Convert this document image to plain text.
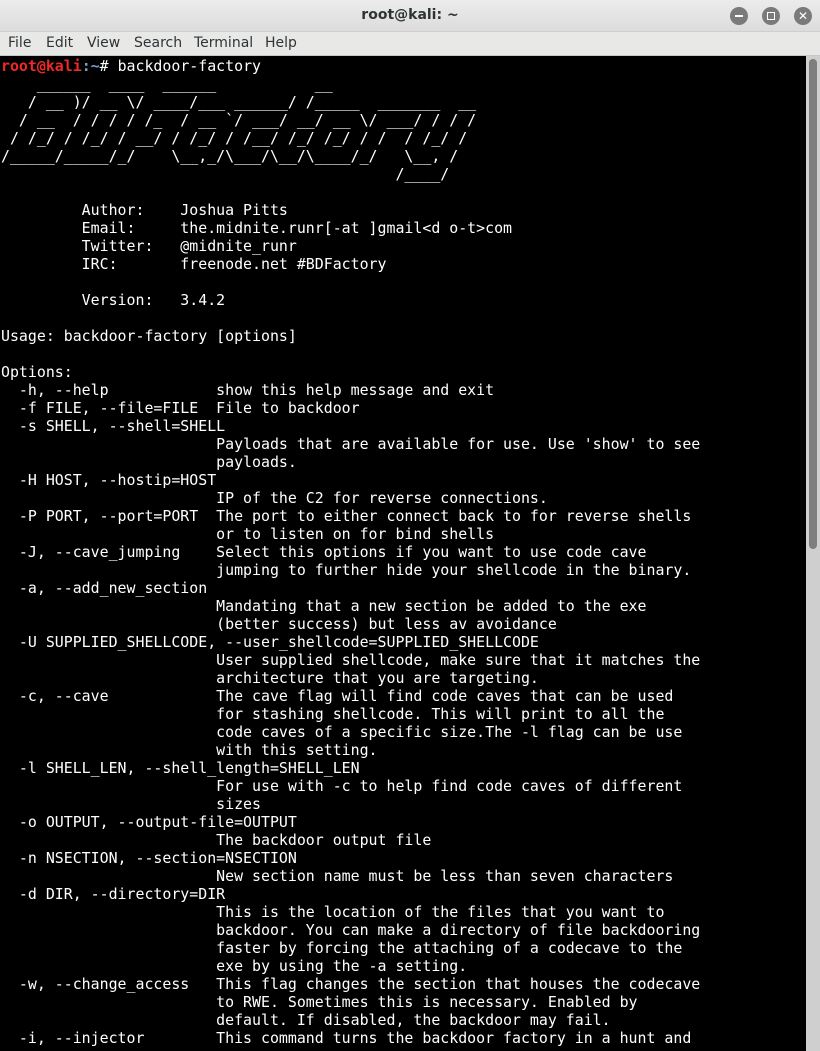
root@kali: ~	✕
File Edit View Search Terminal Help
root@kali:~# backdoor-factory
______  ____  ______           __
/ __ )/ __ \/ ____/___ ______/ /_____  _______  __
/ __  / / / / /_  / __ `/ ___/ __/ __ \/ ___/ / / /
/ /_/ / /_/ / __/ / /_/ / /__/ /_/ /_/ / /  / /_/ /
/_____/_____/_/    \__,_/\___/\__/\____/_/   \__, /
/____/

Author:    Joshua Pitts
Email:     the.midnite.runr[-at ]gmail<d o-t>com
Twitter:   @midnite_runr
IRC:       freenode.net #BDFactory

Version:   3.4.2

Usage: backdoor-factory [options]

Options:
-h, --help            show this help message and exit
-f FILE, --file=FILE  File to backdoor
-s SHELL, --shell=SHELL
Payloads that are available for use. Use 'show' to see
payloads.
-H HOST, --hostip=HOST
IP of the C2 for reverse connections.
-P PORT, --port=PORT  The port to either connect back to for reverse shells
or to listen on for bind shells
-J, --cave_jumping    Select this options if you want to use code cave
jumping to further hide your shellcode in the binary.
-a, --add_new_section
Mandating that a new section be added to the exe
(better success) but less av avoidance
-U SUPPLIED_SHELLCODE, --user_shellcode=SUPPLIED_SHELLCODE
User supplied shellcode, make sure that it matches the
architecture that you are targeting.
-c, --cave            The cave flag will find code caves that can be used
for stashing shellcode. This will print to all the
code caves of a specific size.The -l flag can be use
with this setting.
-l SHELL_LEN, --shell_length=SHELL_LEN
For use with -c to help find code caves of different
sizes
-o OUTPUT, --output-file=OUTPUT
The backdoor output file
-n NSECTION, --section=NSECTION
New section name must be less than seven characters
-d DIR, --directory=DIR
This is the location of the files that you want to
backdoor. You can make a directory of file backdooring
faster by forcing the attaching of a codecave to the
exe by using the -a setting.
-w, --change_access   This flag changes the section that houses the codecave
to RWE. Sometimes this is necessary. Enabled by
default. If disabled, the backdoor may fail.
-i, --injector        This command turns the backdoor factory in a hunt and
